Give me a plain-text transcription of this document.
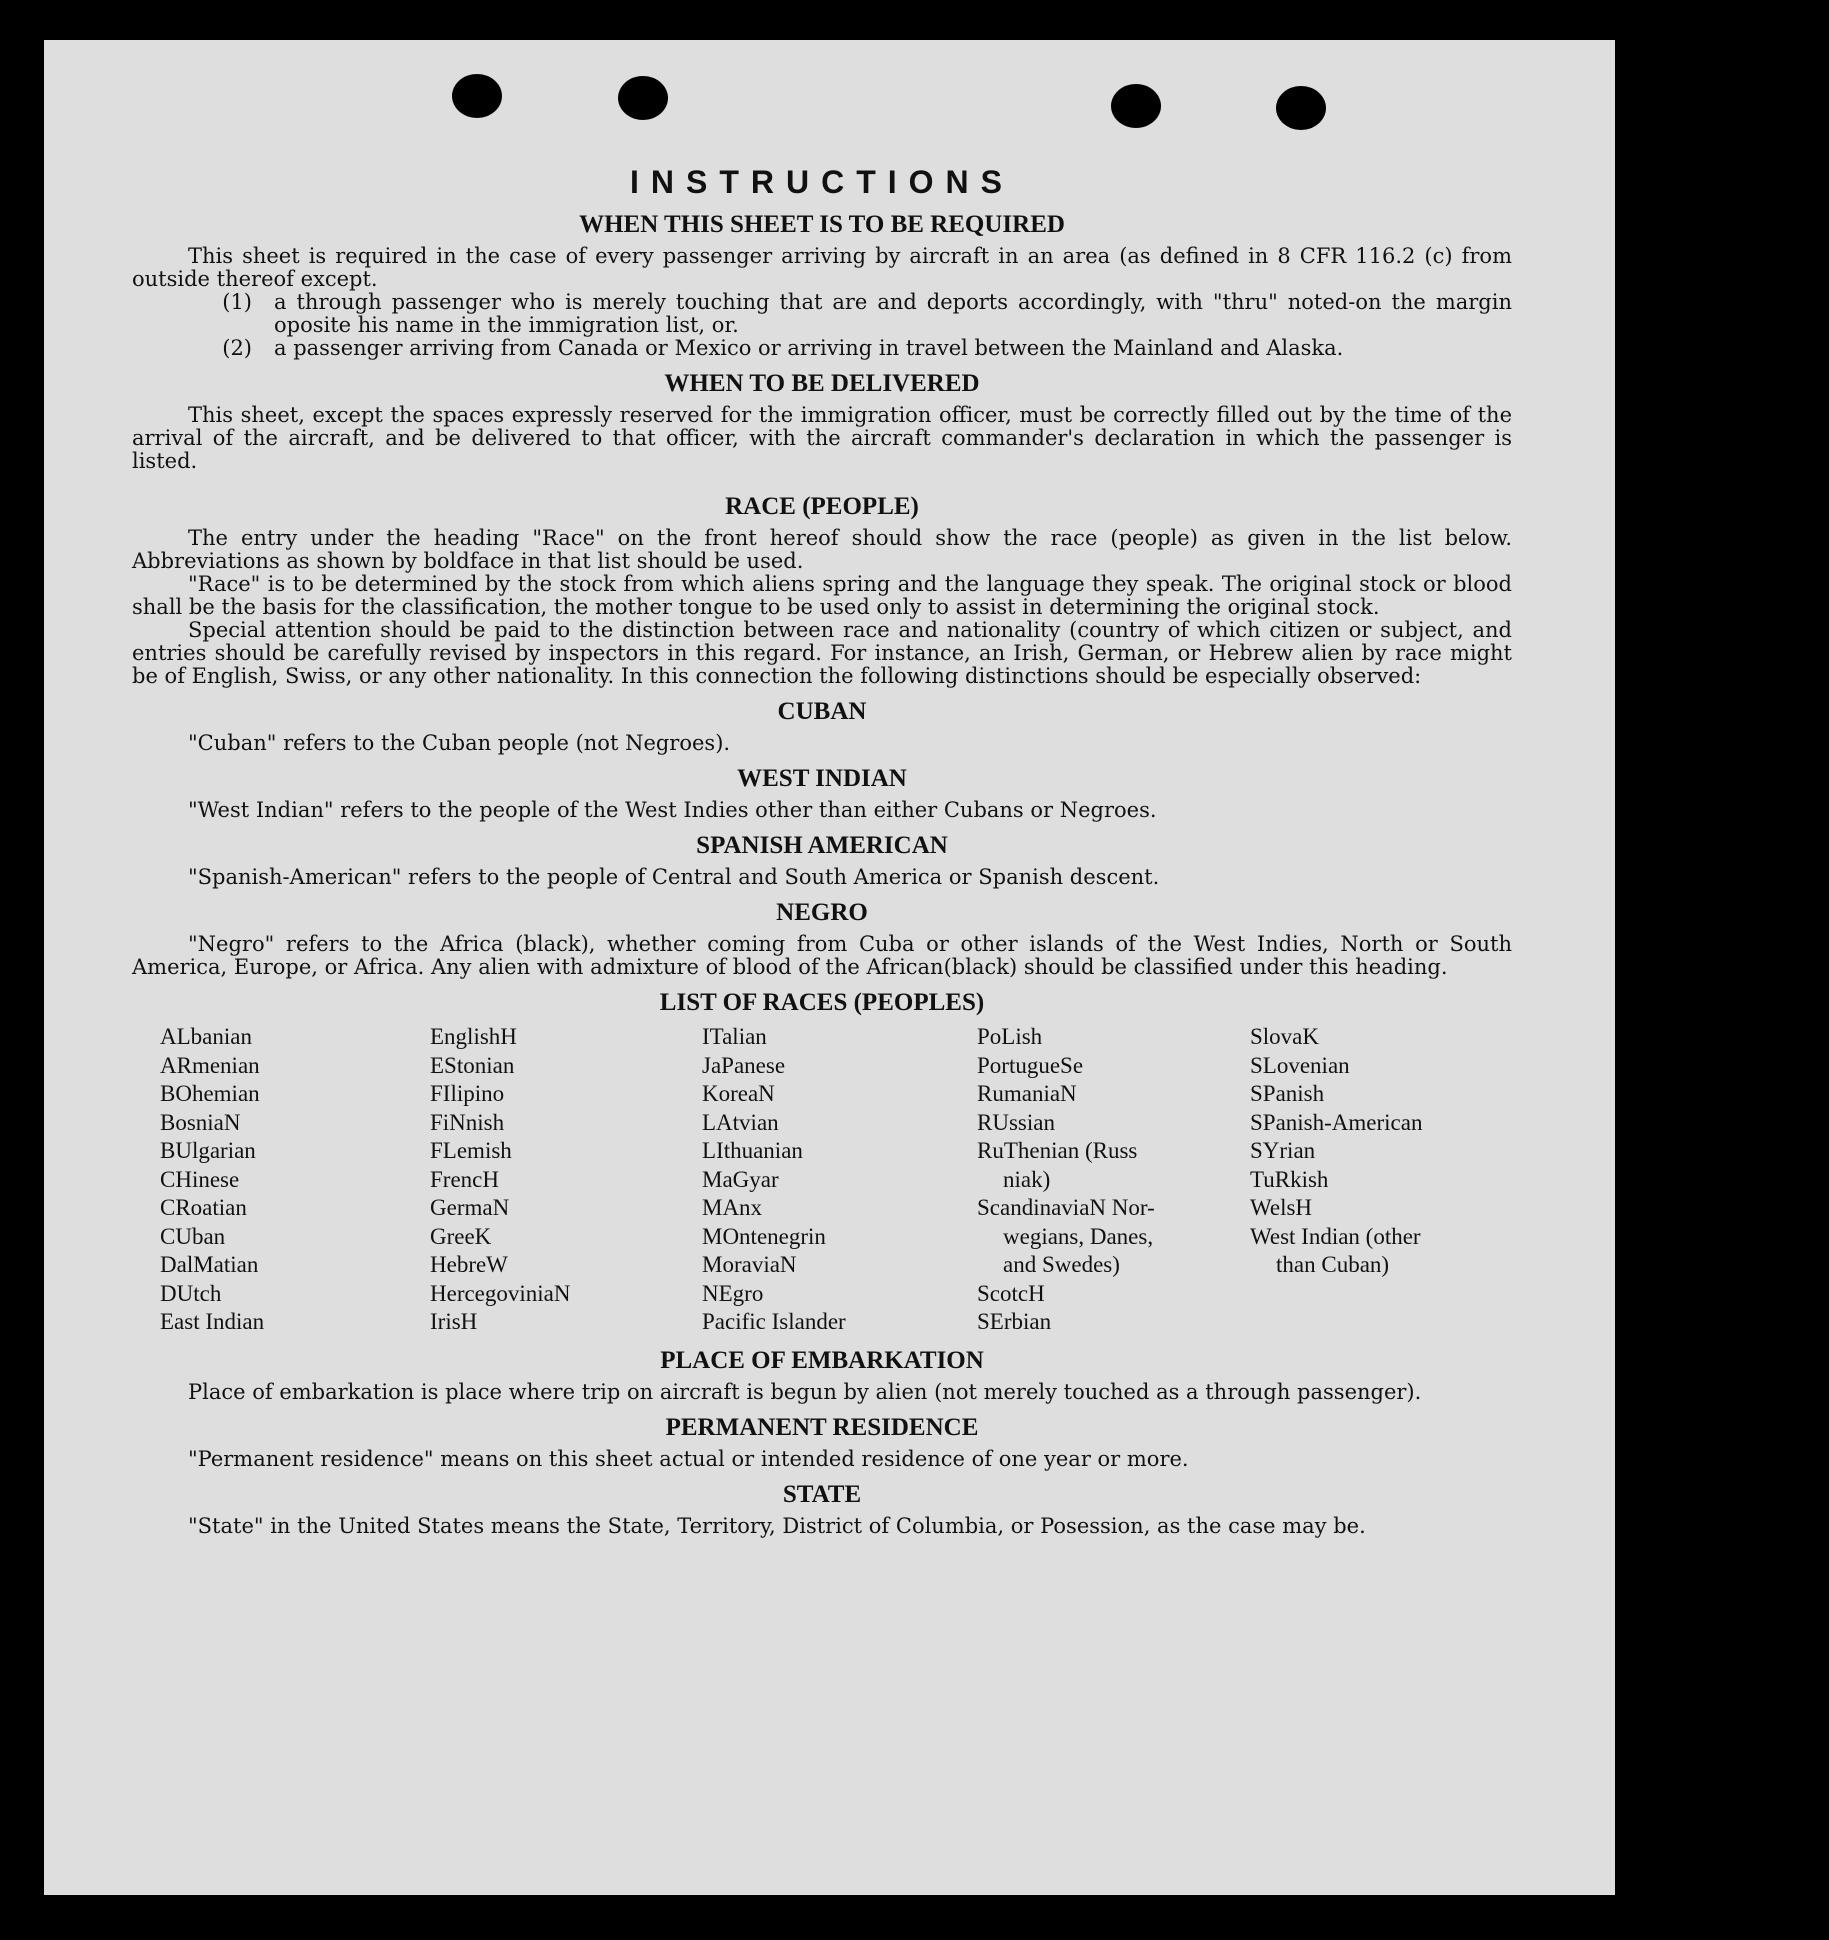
INSTRUCTIONS
WHEN THIS SHEET IS TO BE REQUIRED

This sheet is required in the case of every passenger arriving by aircraft in an area (as defined in 8 CFR 116.2 (c) from outside thereof except.

(1)	a through passenger who is merely touching that are and deports accordingly, with "thru" noted-on the margin oposite his name in the immigration list, or.
(2)	a passenger arriving from Canada or Mexico or arriving in travel between the Mainland and Alaska.
WHEN TO BE DELIVERED

This sheet, except the spaces expressly reserved for the immigration officer, must be correctly filled out by the time of the arrival of the aircraft, and be delivered to that officer, with the aircraft commander's declaration in which the passenger is listed.

RACE (PEOPLE)

The entry under the heading "Race" on the front hereof should show the race (people) as given in the list below. Abbreviations as shown by boldface in that list should be used.

"Race" is to be determined by the stock from which aliens spring and the language they speak. The original stock or blood shall be the basis for the classification, the mother tongue to be used only to assist in determining the original stock.

Special attention should be paid to the distinction between race and nationality (country of which citizen or subject, and entries should be carefully revised by inspectors in this regard. For instance, an Irish, German, or Hebrew alien by race might be of English, Swiss, or any other nationality. In this connection the following distinctions should be especially observed:

CUBAN

"Cuban" refers to the Cuban people (not Negroes).

WEST INDIAN

"West Indian" refers to the people of the West Indies other than either Cubans or Negroes.

SPANISH AMERICAN

"Spanish-American" refers to the people of Central and South America or Spanish descent.

NEGRO

"Negro" refers to the Africa (black), whether coming from Cuba or other islands of the West Indies, North or South America, Europe, or Africa. Any alien with admixture of blood of the African(black) should be classified under this heading.

LIST OF RACES (PEOPLES)
ALbanian
ARmenian
BOhemian
BosniaN
BUlgarian
CHinese
CRoatian
CUban
DalMatian
DUtch
East Indian
EnglishH
EStonian
FIlipino
FiNnish
FLemish
FrencH
GermaN
GreeK
HebreW
HercegoviniaN
IrisH
ITalian
JaPanese
KoreaN
LAtvian
LIthuanian
MaGyar
MAnx
MOntenegrin
MoraviaN
NEgro
Pacific Islander
PoLish
PortugueSe
RumaniaN
RUssian
RuThenian (Russ
niak)
ScandinaviaN Nor-
wegians, Danes,
and Swedes)
ScotcH
SErbian
SlovaK
SLovenian
SPanish
SPanish-American
SYrian
TuRkish
WelsH
West Indian (other
than Cuban)
PLACE OF EMBARKATION

Place of embarkation is place where trip on aircraft is begun by alien (not merely touched as a through passenger).

PERMANENT RESIDENCE

"Permanent residence" means on this sheet actual or intended residence of one year or more.

STATE

"State" in the United States means the State, Territory, District of Columbia, or Posession, as the case may be.
